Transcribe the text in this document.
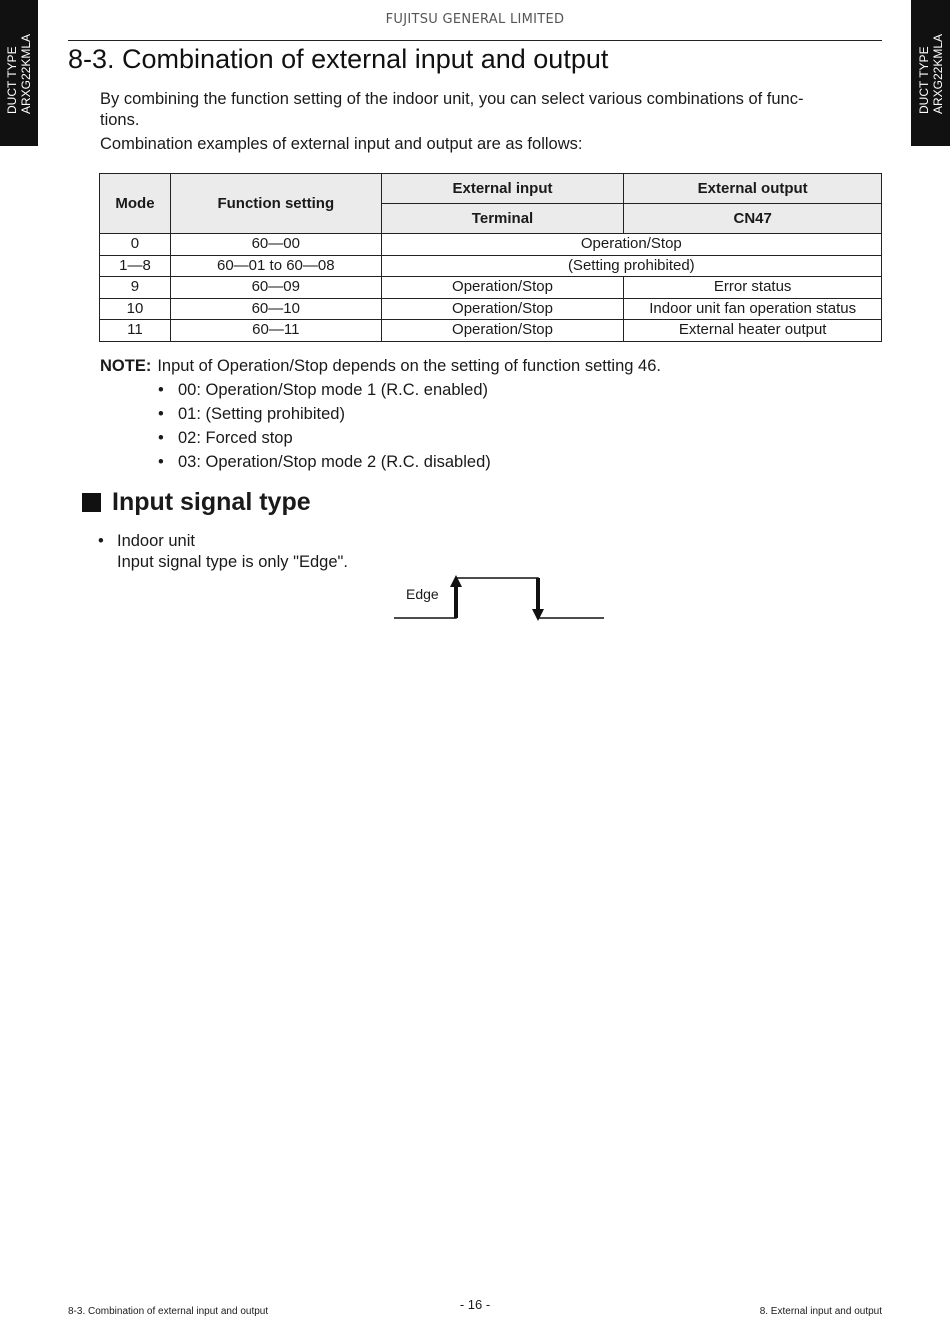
DUCT TYPE ARXG22KMLA	DUCT TYPE ARXG22KMLA
FUJITSU GENERAL LIMITED
8-3. Combination of external input and output

By combining the function setting of the indoor unit, you can select various combinations of func-
tions.

Combination examples of external input and output are as follows:

Mode	Function setting	External input	External output
		Terminal	CN47
0	60—00	Operation/Stop	
1—8	60—01 to 60—08	(Setting prohibited)	
9	60—09	Operation/Stop	Error status
10	60—10	Operation/Stop	Indoor unit fan operation status
11	60—11	Operation/Stop	External heater output
NOTE: Input of Operation/Stop depends on the setting of function setting 46.
• 00: Operation/Stop mode 1 (R.C. enabled)
• 01: (Setting prohibited)
• 02: Forced stop
• 03: Operation/Stop mode 2 (R.C. disabled)
Input signal type
• Indoor unit
Input signal type is only "Edge".
Edge
8-3. Combination of external input and output	- 16 -	8. External input and output
